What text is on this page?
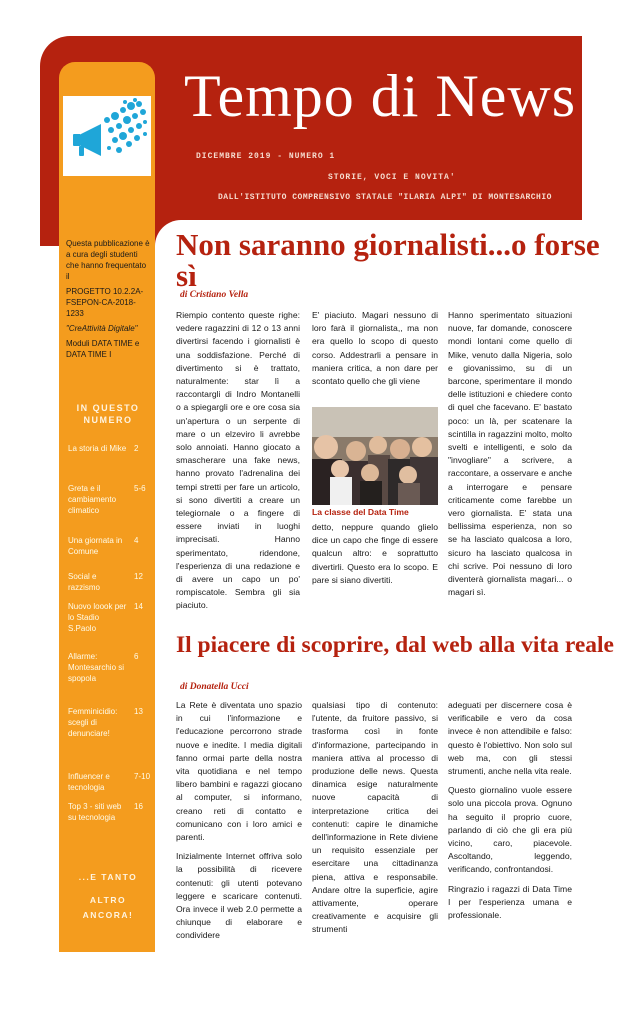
Tempo di News
DICEMBRE 2019 - NUMERO 1
STORIE, VOCI E NOVITA'
DALL'ISTITUTO COMPRENSIVO STATALE "ILARIA ALPI" DI MONTESARCHIO

Questa pubblicazione è a cura degli studenti che hanno frequentato il

PROGETTO 10.2.2A-FSEPON-CA-2018-1233

"CreAttività Digitale"

Moduli DATA TIME e DATA TIME I

IN QUESTO NUMERO
La storia di Mike 2
Greta e il cambiamento climatico
5-6
Una giornata in Comune
4
Social e razzismo
12
Nuovo loook per lo Stadio S.Paolo
14
Allarme: Montesarchio si spopola
6
Femminicidio: scegli di denunciare!
13
Influencer e tecnologia
7-10
Top 3 - siti web su tecnologia
16
...E TANTO
ALTRO ANCORA!
Non saranno giornalisti...o forse sì
di Cristiano Vella
Riempio contento queste righe: vedere ragazzini di 12 o 13 anni divertirsi facendo i giornalisti è una soddisfazione. Perché di divertimento si è trattato, naturalmente: star lì a raccontargli di Indro Montanelli o a spiegargli ore e ore cosa sia un'apertura o un serpente di mare o un elzeviro li avrebbe solo annoiati. Hanno giocato a smascherare una fake news, hanno provato l'adrenalina dei tempi stretti per fare un articolo, si sono divertiti a creare un telegiornale o a fingere di essere inviati in luoghi imprecisati. Hanno sperimentato, ridendone, l'esperienza di una redazione e di avere un capo un po' rompiscatole. Sembra gli sia piaciuto.
E' piaciuto. Magari nessuno di loro farà il giornalista,, ma non era quello lo scopo di questo corso. Addestrarli a pensare in maniera critica, a non dare per scontato quello che gli viene
La classe del Data Time
detto, neppure quando glielo dice un capo che finge di essere qualcun altro: e soprattutto divertirli. Questo era lo scopo. E pare si siano divertiti.
Hanno sperimentato situazioni nuove, far domande, conoscere mondi lontani come quello di Mike, venuto dalla Nigeria, solo e giovanissimo, su di un barcone, sperimentare il mondo delle istituzioni e chiedere conto di quel che facevano. E' bastato poco: un là, per scatenare la scintilla in ragazzini molto, molto svelti e intelligenti, e solo da "invogliare" a scrivere, a raccontare, a osservare e anche a interrogare e pensare criticamente come farebbe un vero giornalista. E' stata una bellissima esperienza, non so se ha lasciato qualcosa a loro, sicuro ha lasciato qualcosa in chi scrive. Poi nessuno di loro diventerà giornalista magari... o magari sì.
Il piacere di scoprire, dal web alla vita reale
di Donatella Ucci

La Rete è diventata uno spazio in cui l'informazione e l'educazione percorrono strade nuove e inedite. I media digitali fanno ormai parte della nostra vita quotidiana e nel tempo libero bambini e ragazzi giocano al computer, si informano, creano reti di contatto e comunicano con i loro amici e parenti.

Inizialmente Internet offriva solo la possibilità di ricevere contenuti: gli utenti potevano leggere e scaricare contenuti. Ora invece il web 2.0 permette a chiunque di elaborare e condividere

qualsiasi tipo di contenuto: l'utente, da fruitore passivo, si trasforma così in fonte d'informazione, partecipando in maniera attiva al processo di produzione delle news. Questa dinamica esige naturalmente nuove capacità di interpretazione critica dei contenuti: capire le dinamiche dell'informazione in Rete diviene un requisito essenziale per esercitare una cittadinanza piena, attiva e responsabile. Andare oltre la superficie, agire attivamente, operare creativamente e acquisire gli strumenti

adeguati per discernere cosa è verificabile e vero da cosa invece è non attendibile e falso: questo è l'obiettivo. Non solo sul web ma, con gli stessi strumenti, anche nella vita reale.

Questo giornalino vuole essere solo una piccola prova. Ognuno ha seguito il proprio cuore, parlando di ciò che gli era più vicino, caro, piacevole. Ascoltando, leggendo, verificando, confrontandosi.

Ringrazio i ragazzi di Data Time I per l'esperienza umana e professionale.
